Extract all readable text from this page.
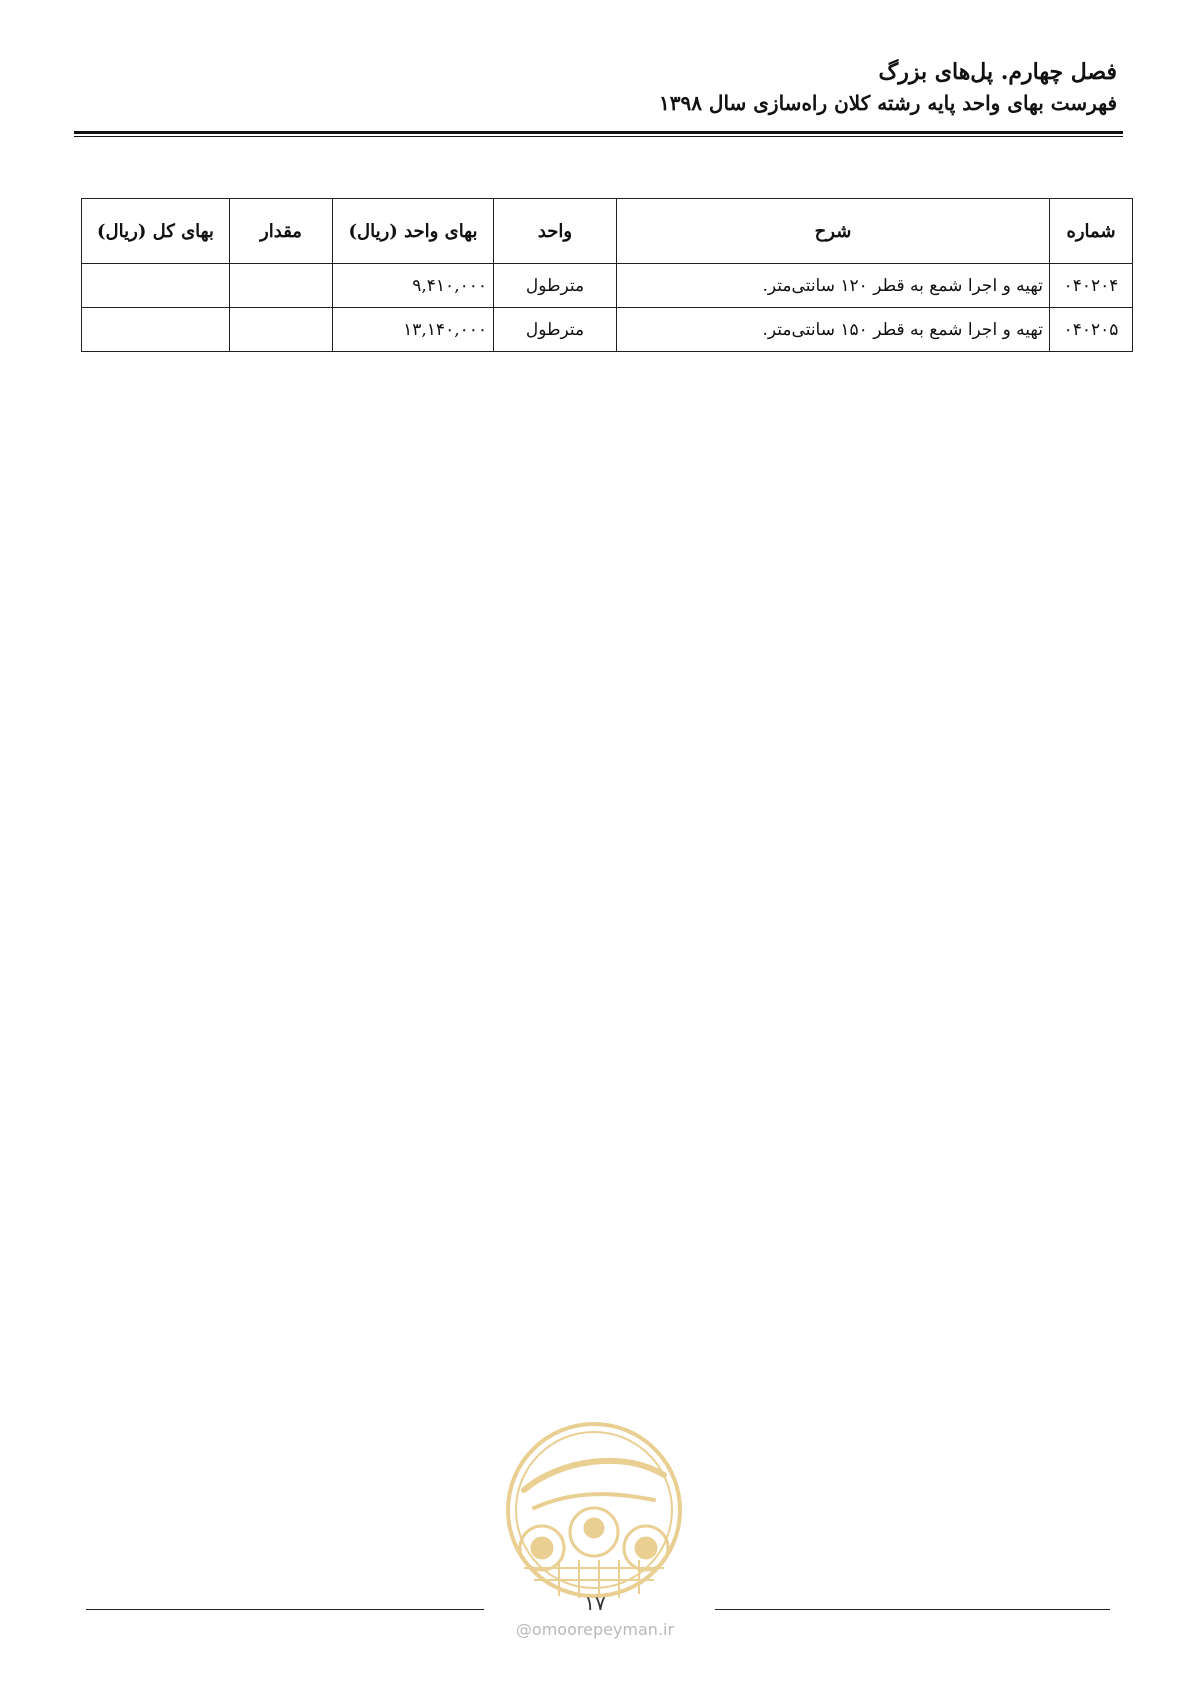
فصل چهارم. پل‌های بزرگ
فهرست بهای واحد پایه رشته کلان راه‌سازی سال ۱۳۹۸
شماره	شرح	واحد	بهای واحد (ریال)	مقدار	بهای کل (ریال)
۰۴۰۲۰۴	تهیه و اجرا شمع به قطر ۱۲۰ سانتی‌متر.	مترطول	۹,۴۱۰,۰۰۰		
۰۴۰۲۰۵	تهیه و اجرا شمع به قطر ۱۵۰ سانتی‌متر.	مترطول	۱۳,۱۴۰,۰۰۰		
۱۷
@omoorepeyman.ir
